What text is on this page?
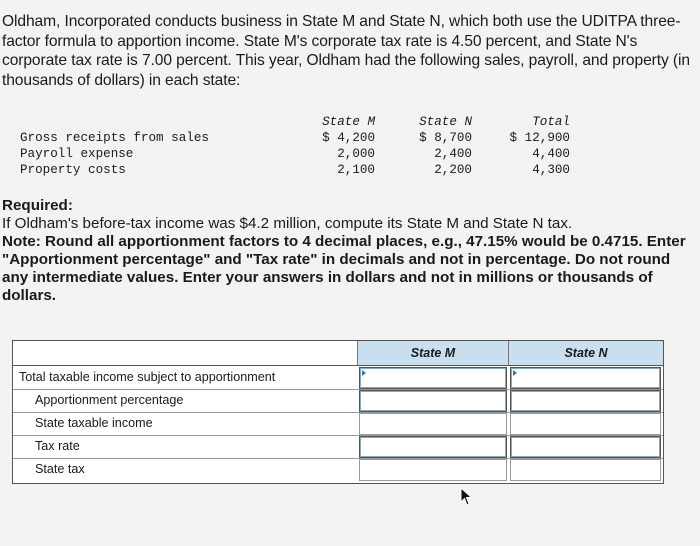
Oldham, Incorporated conducts business in State M and State N, which both use the UDITPA three-factor formula to apportion income. State M's corporate tax rate is 4.50 percent, and State N's corporate tax rate is 7.00 percent. This year, Oldham had the following sales, payroll, and property (in thousands of dollars) in each state:
State M	State N	Total
Gross receipts from sales	$ 4,200	$ 8,700	$ 12,900
Payroll expense	2,000	2,400	4,400
Property costs	2,100	2,200	4,300
Required:
If Oldham's before-tax income was $4.2 million, compute its State M and State N tax.
Note: Round all apportionment factors to 4 decimal places, e.g., 47.15% would be 0.4715. Enter "Apportionment percentage" and "Tax rate" in decimals and not in percentage. Do not round any intermediate values. Enter your answers in dollars and not in millions or thousands of dollars.
State M	State N
Total taxable income subject to apportionment
Apportionment percentage
State taxable income
Tax rate
State tax
